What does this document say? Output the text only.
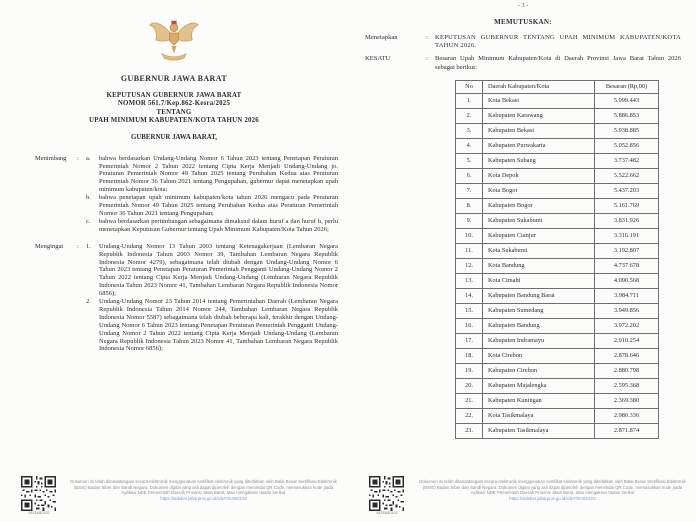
GUBERNUR JAWA BARAT
KEPUTUSAN GUBERNUR JAWA BARAT
NOMOR 561.7/Kep.862-Kesra/2025
TENTANG
UPAH MINIMUM KABUPATEN/KOTA TAHUN 2026
GUBERNUR JAWA BARAT,
Menimbang	:	a.	bahwa berdasarkan Undang-Undang Nomor 6 Tahun 2023 tentang Penetapan Peraturan Pemerintah Nomor 2 Tahun 2022 tentang Cipta Kerja Menjadi Undang-Undang jo. Peraturan Pemerintah Nomor 49 Tahun 2025 tentang Perubahan Kedua atas Peraturan Pemerintah Nomor 36 Tahun 2021 tentang Pengupahan, gubernur dapat menetapkan upah minimum kabupaten/kota;
b.	bahwa penetapan upah minimum kabupaten/kota tahun 2026 mengacu pada Peraturan Pemerintah Nomor 49 Tahun 2025 tentang Perubahan Kedua atas Peraturan Pemerintah Nomor 36 Tahun 2021 tentang Pengupahan;
c.	bahwa berdasarkan pertimbangan sebagaimana dimaksud dalam huruf a dan huruf b, perlu menetapkan Keputusan Gubernur tentang Upah Minimum Kabupaten/Kota Tahun 2026;
Mengingat	:	1.	Undang-Undang Nomor 13 Tahun 2003 tentang Ketenagakerjaan (Lembaran Negara Republik Indonesia Tahun 2003 Nomor 39, Tambahan Lembaran Negara Republik Indonesia Nomor 4279), sebagaimana telah diubah dengan Undang-Undang Nomor 6 Tahun 2023 tentang Penetapan Peraturan Pemerintah Pengganti Undang-Undang Nomor 2 Tahun 2022 tentang Cipta Kerja Menjadi Undang-Undang (Lembaran Negara Republik Indonesia Tahun 2023 Nomor 41, Tambahan Lembaran Negara Republik Indonesia Nomor 6856);
2.	Undang-Undang Nomor 23 Tahun 2014 tentang Pemerintahan Daerah (Lembaran Negara Republik Indonesia Tahun 2014 Nomor 244, Tambahan Lembaran Negara Republik Indonesia Nomor 5587) sebagaimana telah diubah beberapa kali, terakhir dengan Undang-Undang Nomor 6 Tahun 2023 tentang Penetapan Peraturan Pemerintah Pengganti Undang-Undang Nomor 2 Tahun 2022 tentang Cipta Kerja Menjadi Undang-Undang (Lembaran Negara Republik Indonesia Tahun 2023 Nomor 41, Tambahan Lembaran Negara Republik Indonesia Nomor 6856);
9ATEA8D102
Dokumen ini telah ditandatangani secara elektronik menggunakan sertifikat elektronik yang diterbitkan oleh Balai Besar Sertifikasi Elektronik (BSrE) Badan Siber dan Sandi Negara. Dokumen digital yang asli dapat diperoleh dengan memindai QR Code, memasukkan kode pada Aplikasi NDE Pemerintah Daerah Provinsi Jawa Barat, atau mengakses tautan berikut
https://sidebar.jabarprov.go.id/s/9ATEA8D102
- 3 -
MEMUTUSKAN:
Menetapkan	:	KEPUTUSAN GUBERNUR TENTANG UPAH MINIMUM KABUPATEN/KOTA TAHUN 2026.
KESATU	:	Besaran Upah Minimum Kabupaten/Kota di Daerah Provinsi Jawa Barat Tahun 2026 sebagai berikut:
No	Daerah Kabupaten/Kota	Besaran (Rp,00)
1.	Kota Bekasi	5.999.443
2.	Kabupaten Karawang	5.886.853
3.	Kabupaten Bekasi	5.938.885
4.	Kabupaten Purwakarta	5.052.856
5.	Kabupaten Subang	3.737.482
6.	Kota Depok	5.522.662
7.	Kota Bogor	5.437.203
8.	Kabupaten Bogor	5.161.769
9.	Kabupaten Sukabumi	3.831.926
10.	Kabupaten Cianjur	3.316.191
11.	Kota Sukabumi	3.192.807
12.	Kota Bandung	4.737.678
13.	Kota Cimahi	4.090.568
14.	Kabupaten Bandung Barat	3.984.711
15.	Kabupaten Sumedang	3.949.856
16.	Kabupaten Bandung	3.972.202
17.	Kabupaten Indramayu	2.910.254
18.	Kota Cirebon	2.878.646
19.	Kabupaten Cirebon	2.880.798
20.	Kabupaten Majalengka	2.595.368
21.	Kabupaten Kuningan	2.369.380
22.	Kota Tasikmalaya	2.980.336
23.	Kabupaten Tasikmalaya	2.871.874
9ATEA8D102
Dokumen ini telah ditandatangani secara elektronik menggunakan sertifikat elektronik yang diterbitkan oleh Balai Besar Sertifikasi Elektronik (BSrE) Badan Siber dan Sandi Negara. Dokumen digital yang asli dapat diperoleh dengan memindai QR Code, memasukkan kode pada Aplikasi NDE Pemerintah Daerah Provinsi Jawa Barat, atau mengakses tautan berikut
https://sidebar.jabarprov.go.id/s/9ATEA8D102
